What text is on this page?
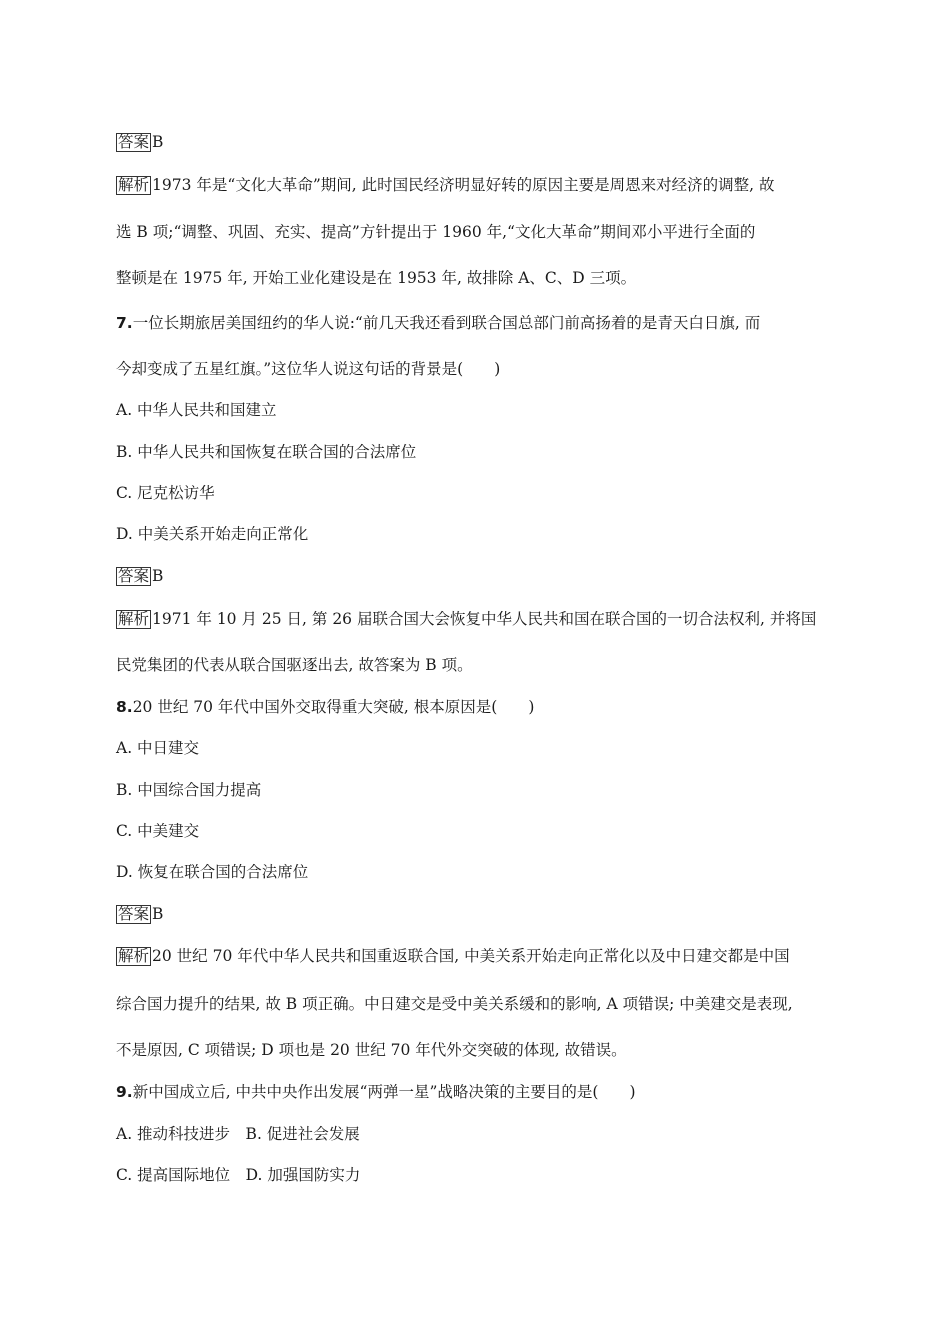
答案 B
解析 1973 年是“文化大革命”期间, 此时国民经济明显好转的原因主要是周恩来对经济的调整, 故
选 B 项;“调整、巩固、充实、提高”方针提出于 1960 年,“文化大革命”期间邓小平进行全面的
整顿是在 1975 年, 开始工业化建设是在 1953 年, 故排除 A、C、D 三项。
7.一位长期旅居美国纽约的华人说:“前几天我还看到联合国总部门前高扬着的是青天白日旗, 而
今却变成了五星红旗。”这位华人说这句话的背景是(　　)
A. 中华人民共和国建立
B. 中华人民共和国恢复在联合国的合法席位
C. 尼克松访华
D. 中美关系开始走向正常化
答案 B
解析 1971 年 10 月 25 日, 第 26 届联合国大会恢复中华人民共和国在联合国的一切合法权利, 并将国
民党集团的代表从联合国驱逐出去, 故答案为 B 项。
8.20 世纪 70 年代中国外交取得重大突破, 根本原因是(　　)
A. 中日建交
B. 中国综合国力提高
C. 中美建交
D. 恢复在联合国的合法席位
答案 B
解析 20 世纪 70 年代中华人民共和国重返联合国, 中美关系开始走向正常化以及中日建交都是中国
综合国力提升的结果, 故 B 项正确。中日建交是受中美关系缓和的影响, A 项错误; 中美建交是表现,
不是原因, C 项错误; D 项也是 20 世纪 70 年代外交突破的体现, 故错误。
9.新中国成立后, 中共中央作出发展“两弹一星”战略决策的主要目的是(　　)
A. 推动科技进步　B. 促进社会发展
C. 提高国际地位　D. 加强国防实力
